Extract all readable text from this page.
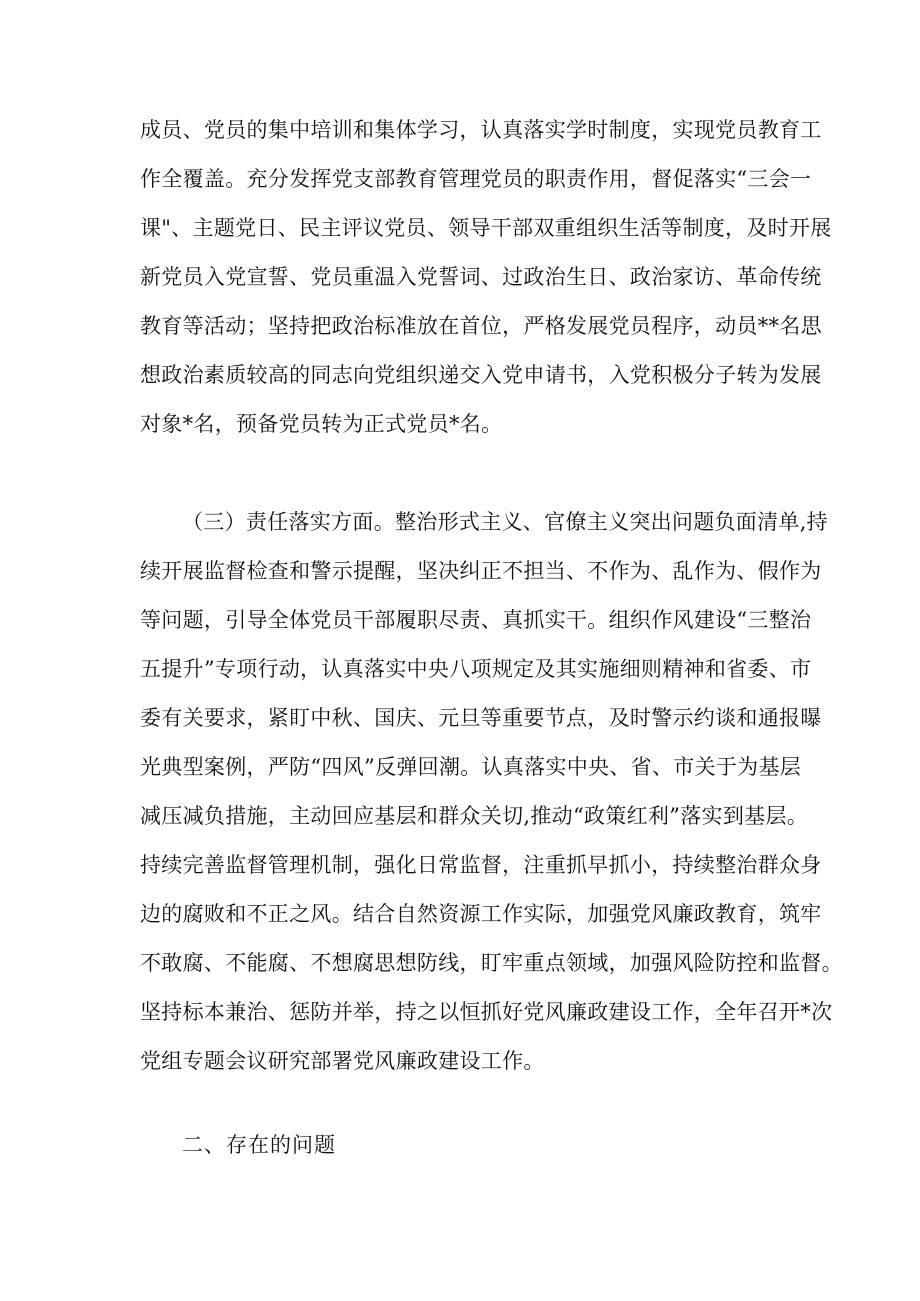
成员、党员的集中培训和集体学习，认真落实学时制度，实现党员教育工
作全覆盖。充分发挥党支部教育管理党员的职责作用，督促落实“三会一
课"、主题党日、民主评议党员、领导干部双重组织生活等制度，及时开展
新党员入党宣誓、党员重温入党誓词、过政治生日、政治家访、革命传统
教育等活动；坚持把政治标准放在首位，严格发展党员程序，动员**名思
想政治素质较高的同志向党组织递交入党申请书，入党积极分子转为发展
对象*名，预备党员转为正式党员*名。
（三）责任落实方面。整治形式主义、官僚主义突出问题负面清单,持
续开展监督检查和警示提醒，坚决纠正不担当、不作为、乱作为、假作为
等问题，引导全体党员干部履职尽责、真抓实干。组织作风建设“三整治
五提升”专项行动，认真落实中央八项规定及其实施细则精神和省委、市
委有关要求，紧盯中秋、国庆、元旦等重要节点，及时警示约谈和通报曝
光典型案例，严防“四风”反弹回潮。认真落实中央、省、市关于为基层
减压减负措施，主动回应基层和群众关切,推动“政策红利”落实到基层。
持续完善监督管理机制，强化日常监督，注重抓早抓小，持续整治群众身
边的腐败和不正之风。结合自然资源工作实际，加强党风廉政教育，筑牢
不敢腐、不能腐、不想腐思想防线，盯牢重点领域，加强风险防控和监督。
坚持标本兼治、惩防并举，持之以恒抓好党风廉政建设工作，全年召开*次
党组专题会议研究部署党风廉政建设工作。
二、存在的问题
